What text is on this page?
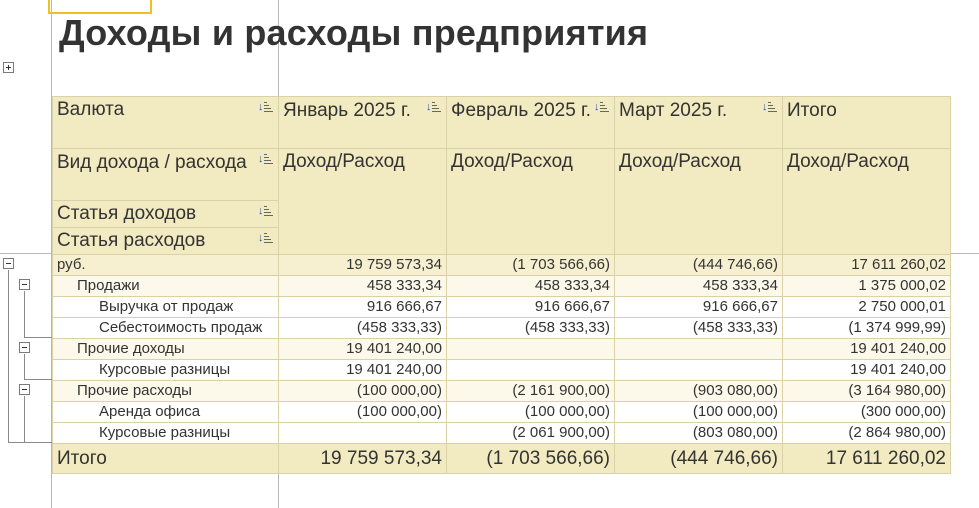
Доходы и расходы предприятия
Валюта ↓	Январь 2025 г. ↓	Февраль 2025 г. ↓	Март 2025 г. ↓	Итого

Вид дохода / расхода ↓	Доход/Расход	Доход/Расход	Доход/Расход	Доход/Расход

Статья доходов ↓				

Статья расходов ↓				

руб.	19 759 573,34	(1 703 566,66)	(444 746,66)	17 611 260,02
Продажи	458 333,34	458 333,34	458 333,34	1 375 000,02
Выручка от продаж	916 666,67	916 666,67	916 666,67	2 750 000,01
Себестоимость продаж	(458 333,33)	(458 333,33)	(458 333,33)	(1 374 999,99)
Прочие доходы	19 401 240,00			19 401 240,00
Курсовые разницы	19 401 240,00			19 401 240,00
Прочие расходы	(100 000,00)	(2 161 900,00)	(903 080,00)	(3 164 980,00)
Аренда офиса	(100 000,00)	(100 000,00)	(100 000,00)	(300 000,00)
Курсовые разницы		(2 061 900,00)	(803 080,00)	(2 864 980,00)
Итого	19 759 573,34	(1 703 566,66)	(444 746,66)	17 611 260,02
